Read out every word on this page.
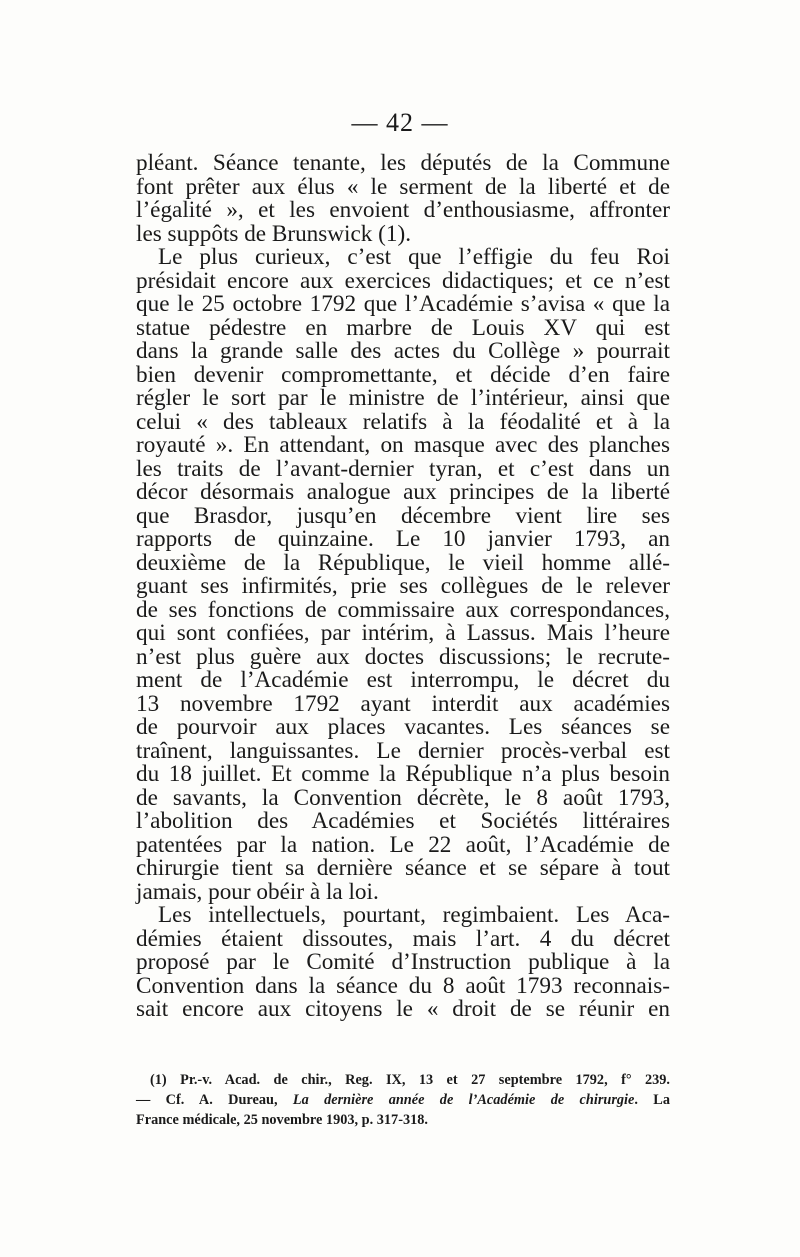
— 42 —
pléant. Séance tenante, les députés de la Commune
font prêter aux élus « le serment de la liberté et de
l’égalité », et les envoient d’enthousiasme, affronter
les suppôts de Brunswick (1).
Le plus curieux, c’est que l’effigie du feu Roi
présidait encore aux exercices didactiques; et ce n’est
que le 25 octobre 1792 que l’Académie s’avisa « que la
statue pédestre en marbre de Louis XV qui est
dans la grande salle des actes du Collège » pourrait
bien devenir compromettante, et décide d’en faire
régler le sort par le ministre de l’intérieur, ainsi que
celui « des tableaux relatifs à la féodalité et à la
royauté ». En attendant, on masque avec des planches
les traits de l’avant-dernier tyran, et c’est dans un
décor désormais analogue aux principes de la liberté
que Brasdor, jusqu’en décembre vient lire ses
rapports de quinzaine. Le 10 janvier 1793, an
deuxième de la République, le vieil homme allé-
guant ses infirmités, prie ses collègues de le relever
de ses fonctions de commissaire aux correspondances,
qui sont confiées, par intérim, à Lassus. Mais l’heure
n’est plus guère aux doctes discussions; le recrute-
ment de l’Académie est interrompu, le décret du
13 novembre 1792 ayant interdit aux académies
de pourvoir aux places vacantes. Les séances se
traînent, languissantes. Le dernier procès-verbal est
du 18 juillet. Et comme la République n’a plus besoin
de savants, la Convention décrète, le 8 août 1793,
l’abolition des Académies et Sociétés littéraires
patentées par la nation. Le 22 août, l’Académie de
chirurgie tient sa dernière séance et se sépare à tout
jamais, pour obéir à la loi.
Les intellectuels, pourtant, regimbaient. Les Aca-
démies étaient dissoutes, mais l’art. 4 du décret
proposé par le Comité d’Instruction publique à la
Convention dans la séance du 8 août 1793 reconnais-
sait encore aux citoyens le « droit de se réunir en
(1) Pr.-v. Acad. de chir., Reg. IX, 13 et 27 septembre 1792, f° 239.
— Cf. A. Dureau, La dernière année de l’Académie de chirurgie. La
France médicale, 25 novembre 1903, p. 317-318.
